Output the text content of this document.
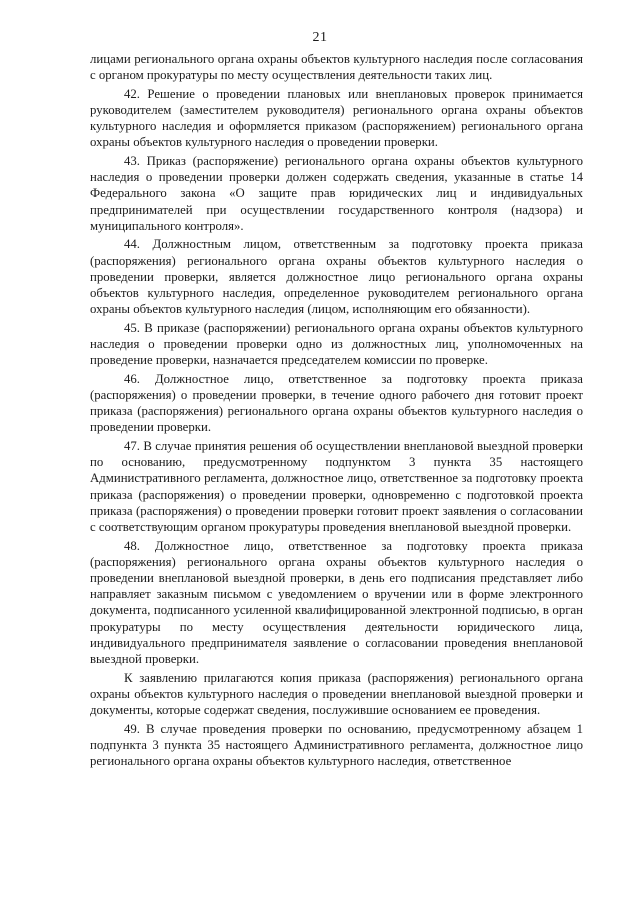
21

лицами регионального органа охраны объектов культурного наследия после согласования с органом прокуратуры по месту осуществления деятельности таких лиц.

42. Решение о проведении плановых или внеплановых проверок принимается руководителем (заместителем руководителя) регионального органа охраны объектов культурного наследия и оформляется приказом (распоряжением) регионального органа охраны объектов культурного наследия о проведении проверки.

43. Приказ (распоряжение) регионального органа охраны объектов культурного наследия о проведении проверки должен содержать сведения, указанные в статье 14 Федерального закона «О защите прав юридических лиц и индивидуальных предпринимателей при осуществлении государственного контроля (надзора) и муниципального контроля».

44. Должностным лицом, ответственным за подготовку проекта приказа (распоряжения) регионального органа охраны объектов культурного наследия о проведении проверки, является должностное лицо регионального органа охраны объектов культурного наследия, определенное руководителем регионального органа охраны объектов культурного наследия (лицом, исполняющим его обязанности).

45. В приказе (распоряжении) регионального органа охраны объектов культурного наследия о проведении проверки одно из должностных лиц, уполномоченных на проведение проверки, назначается председателем комиссии по проверке.

46. Должностное лицо, ответственное за подготовку проекта приказа (распоряжения) о проведении проверки, в течение одного рабочего дня готовит проект приказа (распоряжения) регионального органа охраны объектов культурного наследия о проведении проверки.

47. В случае принятия решения об осуществлении внеплановой выездной проверки по основанию, предусмотренному подпунктом 3 пункта 35 настоящего Административного регламента, должностное лицо, ответственное за подготовку проекта приказа (распоряжения) о проведении проверки, одновременно с подготовкой проекта приказа (распоряжения) о проведении проверки готовит проект заявления о согласовании с соответствующим органом прокуратуры проведения внеплановой выездной проверки.

48. Должностное лицо, ответственное за подготовку проекта приказа (распоряжения) регионального органа охраны объектов культурного наследия о проведении внеплановой выездной проверки, в день его подписания представляет либо направляет заказным письмом с уведомлением о вручении или в форме электронного документа, подписанного усиленной квалифицированной электронной подписью, в орган прокуратуры по месту осуществления деятельности юридического лица, индивидуального предпринимателя заявление о согласовании проведения внеплановой выездной проверки.

К заявлению прилагаются копия приказа (распоряжения) регионального органа охраны объектов культурного наследия о проведении внеплановой выездной проверки и документы, которые содержат сведения, послужившие основанием ее проведения.

49. В случае проведения проверки по основанию, предусмотренному абзацем 1 подпункта 3 пункта 35 настоящего Административного регламента, должностное лицо регионального органа охраны объектов культурного наследия, ответственное
